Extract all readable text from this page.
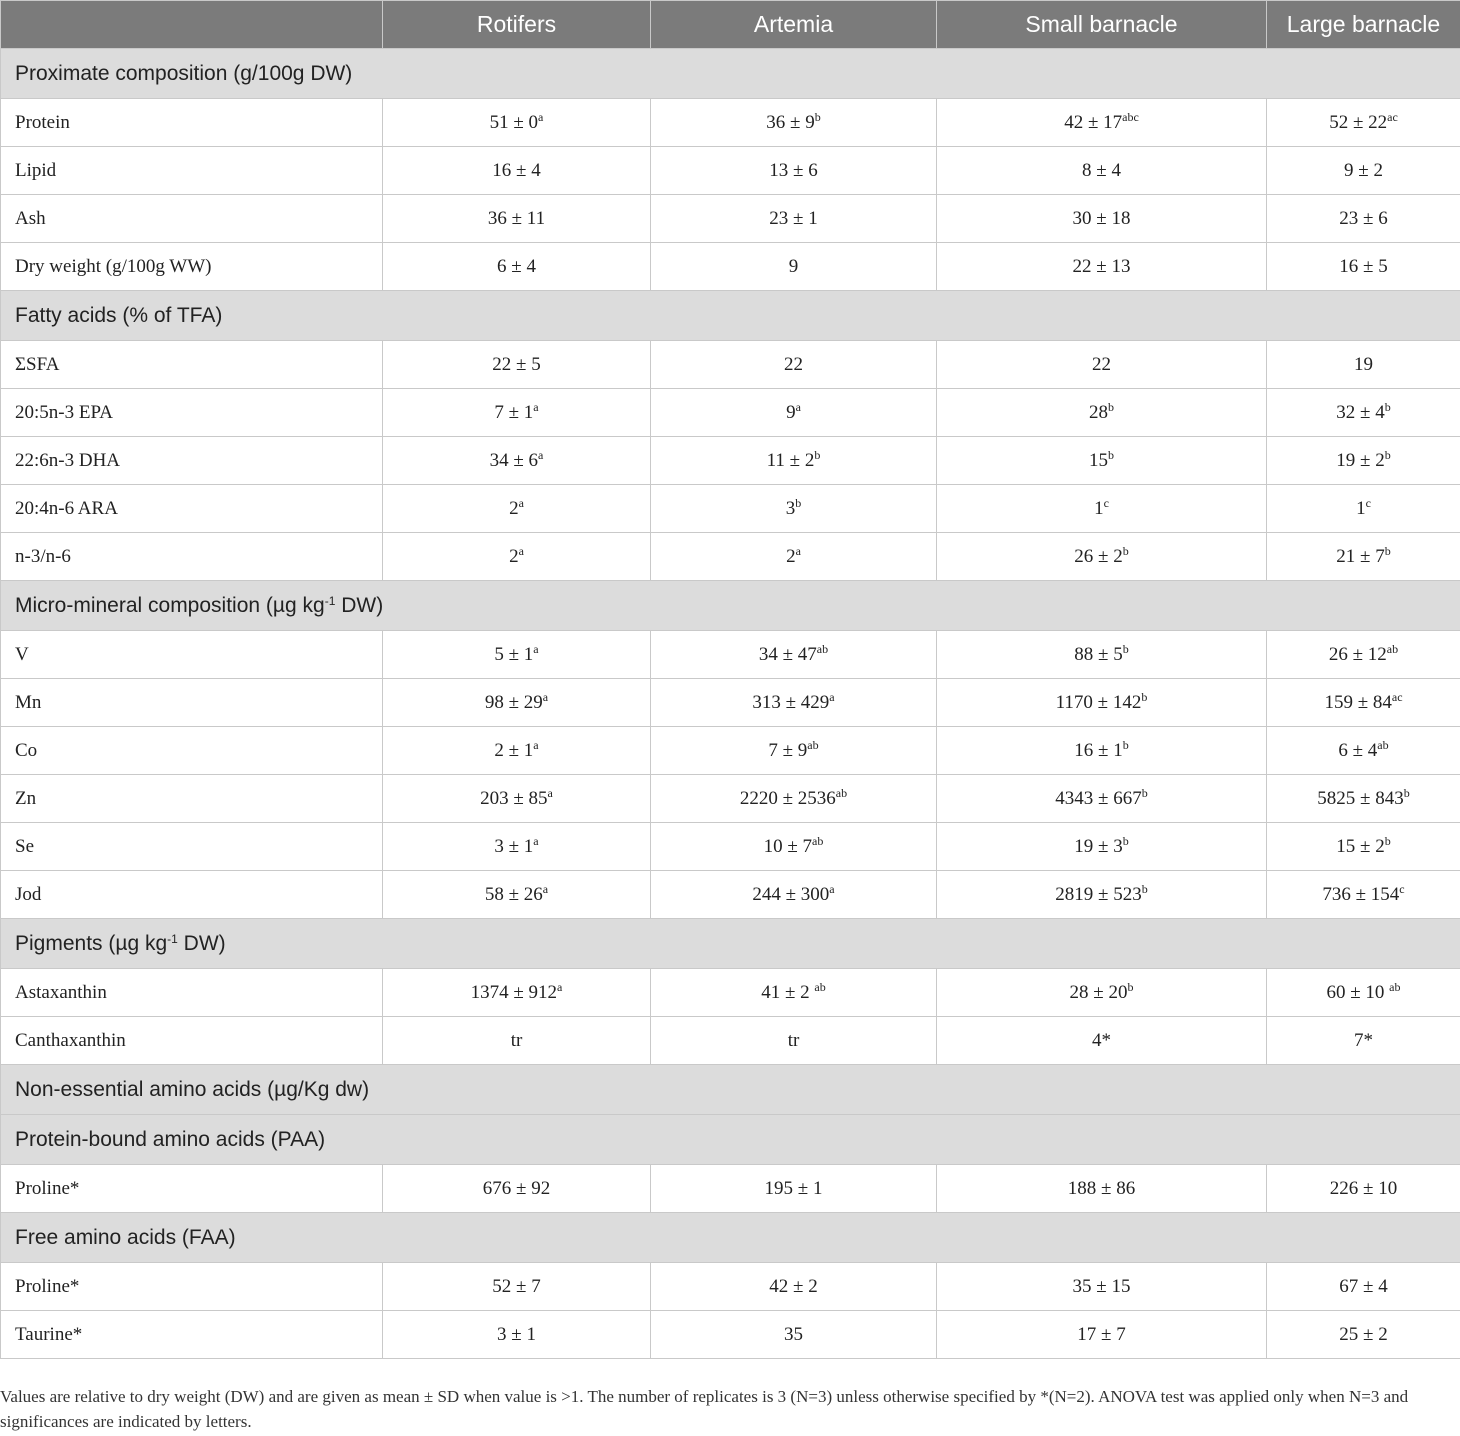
	Rotifers	Artemia	Small barnacle	Large barnacle
Proximate composition (g/100g DW)				
Protein	$51 \pm 0^a$	$36 \pm 9^b$	$42 \pm 17^{abc}$	$52 \pm 22^{ac}$
Lipid	16 ± 4	13 ± 6	8 ± 4	9 ± 2
Ash	36 ± 11	23 ± 1	30 ± 18	23 ± 6
Dry weight (g/100g WW)	6 ± 4	9	22 ± 13	16 ± 5
Fatty acids (% of TFA)				
ΣSFA	22 ± 5	22	22	19
20:5n-3 EPA	$7 \pm 1^a$	9$^a$	28$^b$	$32 \pm 4^b$
22:6n-3 DHA	$34 \pm 6^a$	$11 \pm 2^b$	15$^b$	$19 \pm 2^b$
20:4n-6 ARA	2$^a$	3$^b$	1$^c$	1$^c$
n-3/n-6	2$^a$	2$^a$	$26 \pm 2^b$	$21 \pm 7^b$
Micro-mineral composition (µg $kg^{-1}$ DW)				
V	$5 \pm 1^a$	$34 \pm 47^{ab}$	$88 \pm 5^b$	$26 \pm 12^{ab}$
Mn	$98 \pm 29^a$	$313 \pm 429^a$	$1170 \pm 142^b$	$159 \pm 84^{ac}$
Co	$2 \pm 1^a$	$7 \pm 9^{ab}$	$16 \pm 1^b$	$6 \pm 4^{ab}$
Zn	$203 \pm 85^a$	$2220 \pm 2536^{ab}$	$4343 \pm 667^b$	$5825 \pm 843^b$
Se	$3 \pm 1^a$	$10 \pm 7^{ab}$	$19 \pm 3^b$	$15 \pm 2^b$
Jod	$58 \pm 26^a$	$244 \pm 300^a$	$2819 \pm 523^b$	$736 \pm 154^c$
Pigments (µg $kg^{-1}$ DW)				
Astaxanthin	$1374 \pm 912^a$	41 ± 2 $^{ab}$	$28 \pm 20^b$	60 ± 10 $^{ab}$
Canthaxanthin	tr	tr	4*	7*
Non-essential amino acids (µg/Kg dw)				
Protein-bound amino acids (PAA)				
Proline*	676 ± 92	195 ± 1	188 ± 86	226 ± 10
Free amino acids (FAA)				
Proline*	52 ± 7	42 ± 2	35 ± 15	67 ± 4
Taurine*	3 ± 1	35	17 ± 7	25 ± 2

Values are relative to dry weight (DW) and are given as mean ± SD when value is >1. The number of replicates is 3 (N=3) unless otherwise specified by *(N=2). ANOVA test was applied only when N=3 and significances are indicated by letters.
